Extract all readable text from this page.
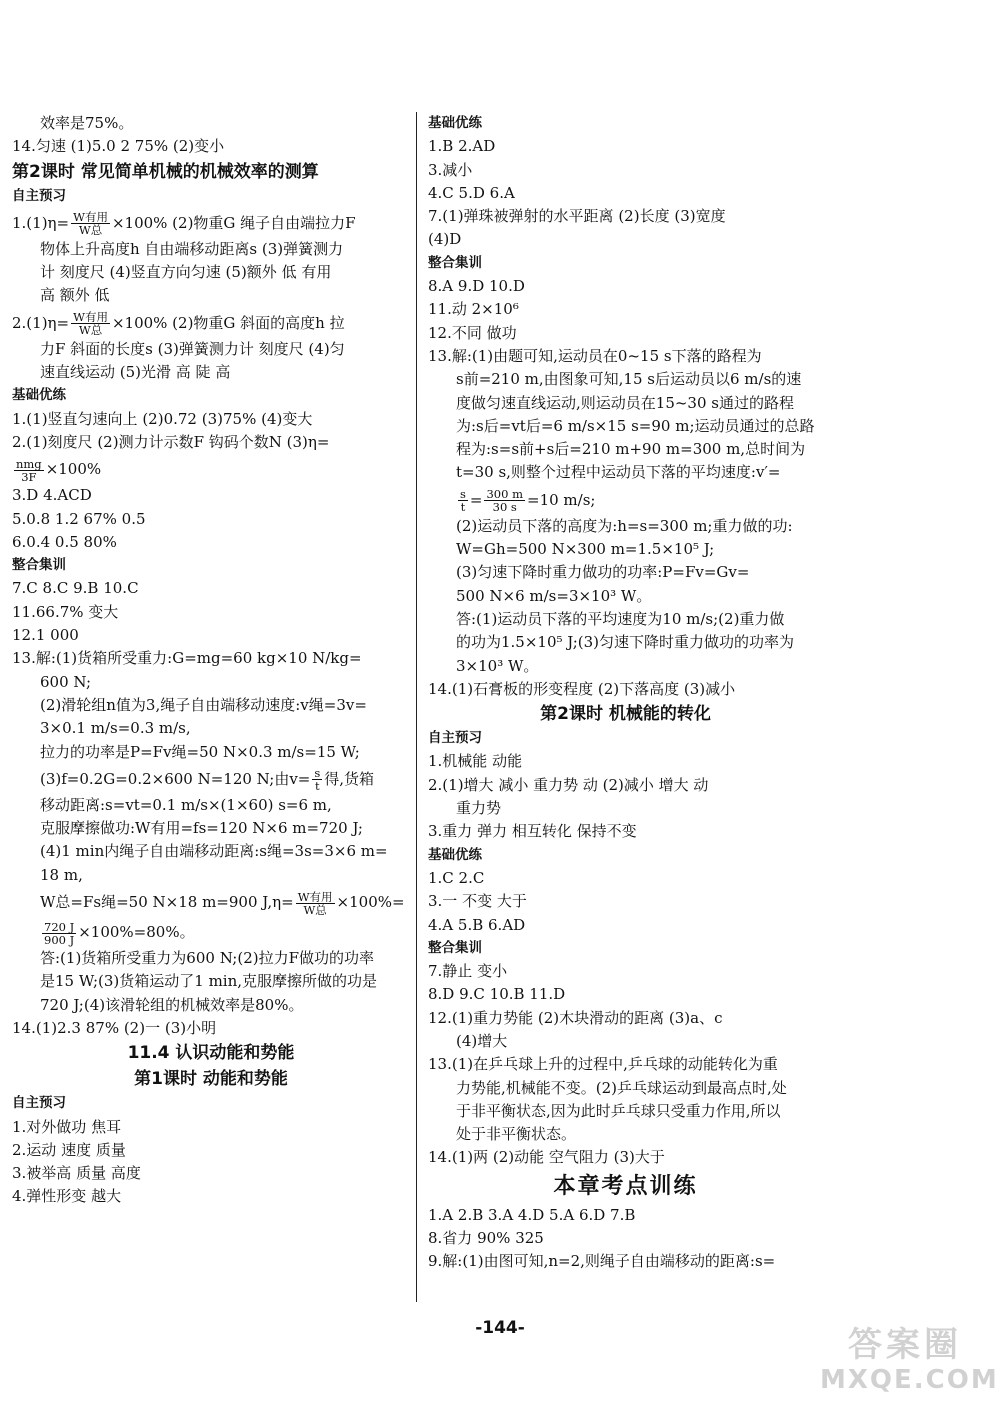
效率是75%。
14.匀速 (1)5.0 2 75% (2)变小
第2课时 常见简单机械的机械效率的测算
自主预习
$1.(1)\eta= \frac{\text{W有用}}{\text{W总}} \times 100\%$ (2)物重G 绳子自由端拉力F
物体上升高度h 自由端移动距离s (3)弹簧测力
计 刻度尺 (4)竖直方向匀速 (5)额外 低 有用
高 额外 低
$2.(1)\eta= \frac{\text{W有用}}{\text{W总}} \times 100\%$ (2)物重G 斜面的高度h 拉
力F 斜面的长度s (3)弹簧测力计 刻度尺 (4)匀
速直线运动 (5)光滑 高 陡 高
基础优练
1.(1)竖直匀速向上 (2)0.72 (3)75% (4)变大
2.(1)刻度尺 (2)测力计示数F 钩码个数N (3)η=
$\frac{\text{nmg}}{3F} \times 100\%$
3.D 4.ACD
5.0.8 1.2 67% 0.5
6.0.4 0.5 80%
整合集训
7.C 8.C 9.B 10.C
11.66.7% 变大
12.1 000
13.解:(1)货箱所受重力:G=mg=60 kg×10 N/kg=
600 N;
(2)滑轮组n值为3,绳子自由端移动速度:v绳=3v=
3×0.1 m/s=0.3 m/s,
拉力的功率是P=Fv绳=50 N×0.3 m/s=15 W;
(3)f=0.2G=0.2×600 N=120 N;由$v= \frac{s}{t}$ 得,货箱
移动距离:s=vt=0.1 m/s×(1×60) s=6 m,
克服摩擦做功:W有用=fs=120 N×6 m=720 J;
(4)1 min内绳子自由端移动距离:s绳=3s=3×6 m=
18 m,
W总=Fs绳=50 N×18 m=900 $J,\eta= \frac{\text{W有用}}{\text{W总}} \times 100\%=$
$\frac{720 J}{900 J} \times 100\%=80\%$。
答:(1)货箱所受重力为600 N;(2)拉力F做功的功率
是15 W;(3)货箱运动了1 min,克服摩擦所做的功是
720 J;(4)该滑轮组的机械效率是80%。
14.(1)2.3 87% (2)一 (3)小明
11.4 认识动能和势能
第1课时 动能和势能
自主预习
1.对外做功 焦耳
2.运动 速度 质量
3.被举高 质量 高度
4.弹性形变 越大
基础优练
1.B 2.AD
3.减小
4.C 5.D 6.A
7.(1)弹珠被弹射的水平距离 (2)长度 (3)宽度
(4)D
整合集训
8.A 9.D 10.D
11.动 2×10⁶
12.不同 做功
13.解:(1)由题可知,运动员在0~15 s下落的路程为
s前=210 m,由图象可知,15 s后运动员以6 m/s的速
度做匀速直线运动,则运动员在15~30 s通过的路程
为:s后=vt后=6 m/s×15 s=90 m;运动员通过的总路
程为:s=s前+s后=210 m+90 m=300 m,总时间为
t=30 s,则整个过程中运动员下落的平均速度:v′=
$\frac{s}{t} = \frac{300 m}{30 s} =10$ m/s;
(2)运动员下落的高度为:h=s=300 m;重力做的功:
W=Gh=500 N×300 m=1.5×10⁵ J;
(3)匀速下降时重力做功的功率:P=Fv=Gv=
500 N×6 m/s=3×10³ W。
答:(1)运动员下落的平均速度为10 m/s;(2)重力做
的功为1.5×10⁵ J;(3)匀速下降时重力做功的功率为
3×10³ W。
14.(1)石膏板的形变程度 (2)下落高度 (3)减小
第2课时 机械能的转化
自主预习
1.机械能 动能
2.(1)增大 减小 重力势 动 (2)减小 增大 动
重力势
3.重力 弹力 相互转化 保持不变
基础优练
1.C 2.C
3.一 不变 大于
4.A 5.B 6.AD
整合集训
7.静止 变小
8.D 9.C 10.B 11.D
12.(1)重力势能 (2)木块滑动的距离 (3)a、c
(4)增大
13.(1)在乒乓球上升的过程中,乒乓球的动能转化为重
力势能,机械能不变。(2)乒乓球运动到最高点时,处
于非平衡状态,因为此时乒乓球只受重力作用,所以
处于非平衡状态。
14.(1)两 (2)动能 空气阻力 (3)大于
本章考点训练
1.A 2.B 3.A 4.D 5.A 6.D 7.B
8.省力 90% 325
9.解:(1)由图可知,n=2,则绳子自由端移动的距离:s=
-144-	答案圈
MXQE.COM
